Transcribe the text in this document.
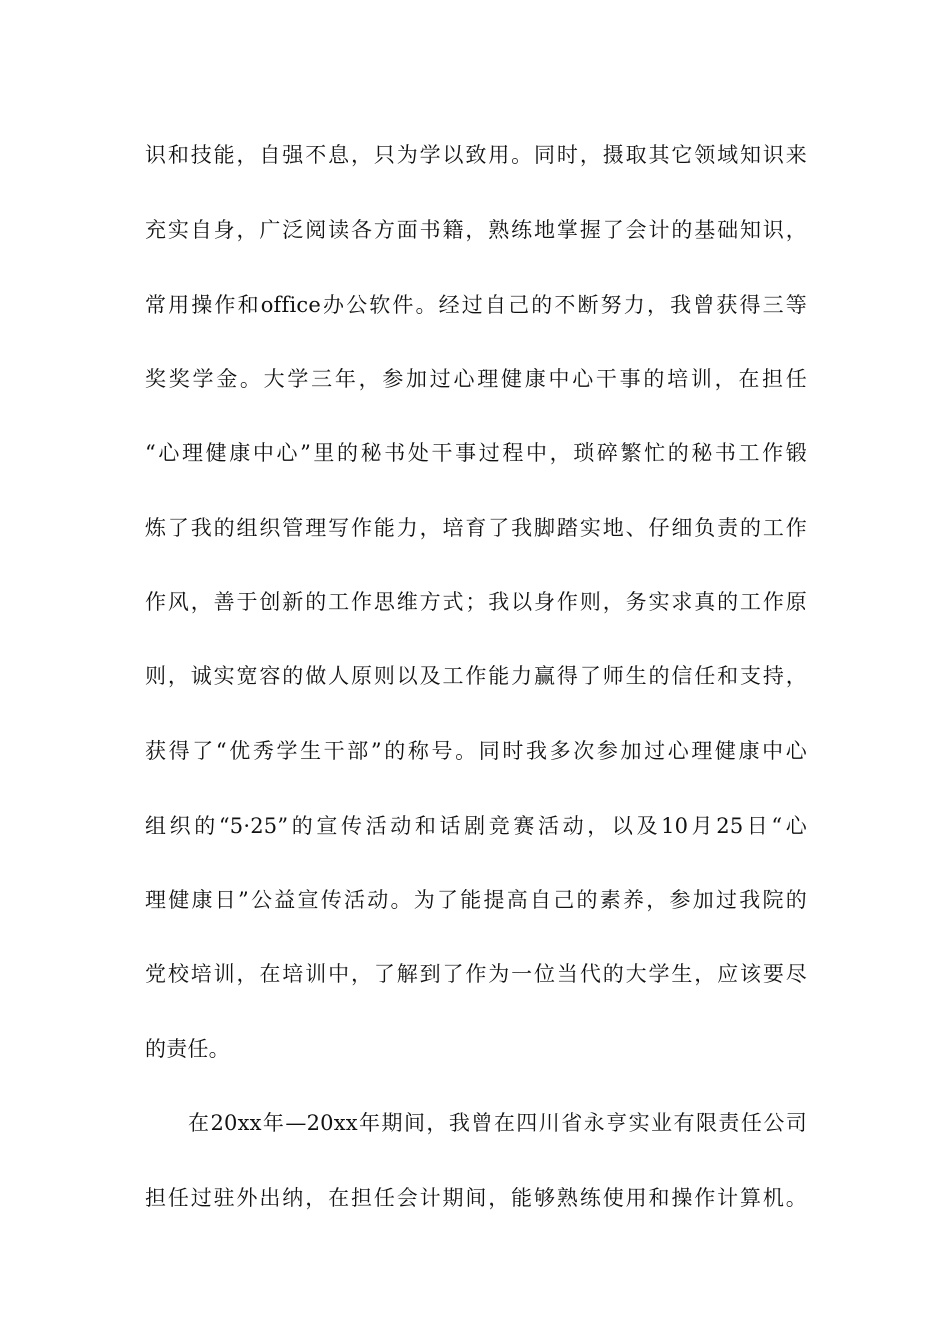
识和技能，自强不息，只为学以致用。同时，摄取其它领域知识来
充实自身，广泛阅读各方面书籍，熟练地掌握了会计的基础知识，
常用操作和office办公软件。经过自己的不断努力，我曾获得三等
奖奖学金。大学三年，参加过心理健康中心干事的培训，在担任
“心理健康中心”里的秘书处干事过程中，琐碎繁忙的秘书工作锻
炼了我的组织管理写作能力，培育了我脚踏实地、仔细负责的工作
作风，善于创新的工作思维方式；我以身作则，务实求真的工作原
则，诚实宽容的做人原则以及工作能力赢得了师生的信任和支持，
获得了“优秀学生干部”的称号。同时我多次参加过心理健康中心
组织的“5·25”的宣传活动和话剧竞赛活动，以及10月25日“心
理健康日”公益宣传活动。为了能提高自己的素养，参加过我院的
党校培训，在培训中，了解到了作为一位当代的大学生，应该要尽
的责任。
在20xx年—20xx年期间，我曾在四川省永亨实业有限责任公司
担任过驻外出纳，在担任会计期间，能够熟练使用和操作计算机。
